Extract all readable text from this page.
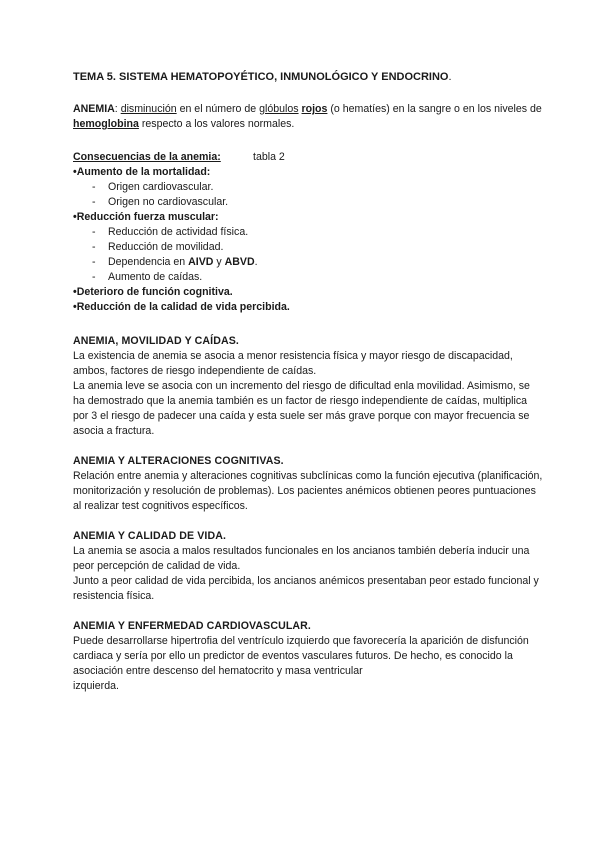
TEMA 5. SISTEMA HEMATOPOYÉTICO, INMUNOLÓGICO Y ENDOCRINO.

ANEMIA: disminución en el número de glóbulos rojos (o hematíes) en la sangre o en los niveles de hemoglobina respecto a los valores normales.

Consecuencias de la anemia:	tabla 2
•Aumento de la mortalidad:
- Origen cardiovascular.
- Origen no cardiovascular.
•Reducción fuerza muscular:
- Reducción de actividad física.
- Reducción de movilidad.
- Dependencia en AIVD y ABVD.
- Aumento de caídas.
•Deterioro de función cognitiva.
•Reducción de la calidad de vida percibida.
ANEMIA, MOVILIDAD Y CAÍDAS.

La existencia de anemia se asocia a menor resistencia física y mayor riesgo de discapacidad, ambos, factores de riesgo independiente de caídas.

La anemia leve se asocia con un incremento del riesgo de dificultad enla movilidad. Asimismo, se ha demostrado que la anemia también es un factor de riesgo independiente de caídas, multiplica por 3 el riesgo de padecer una caída y esta suele ser más grave porque con mayor frecuencia se asocia a fractura.

ANEMIA Y ALTERACIONES COGNITIVAS.

Relación entre anemia y alteraciones cognitivas subclínicas como la función ejecutiva (planificación, monitorización y resolución de problemas). Los pacientes anémicos obtienen peores puntuaciones al realizar test cognitivos específicos.

ANEMIA Y CALIDAD DE VIDA.

La anemia se asocia a malos resultados funcionales en los ancianos también debería inducir una peor percepción de calidad de vida.

Junto a peor calidad de vida percibida, los ancianos anémicos presentaban peor estado funcional y resistencia física.

ANEMIA Y ENFERMEDAD CARDIOVASCULAR.

Puede desarrollarse hipertrofia del ventrículo izquierdo que favorecería la aparición de disfunción cardiaca y sería por ello un predictor de eventos vasculares futuros. De hecho, es conocido la asociación entre descenso del hematocrito y masa ventricular

izquierda.
